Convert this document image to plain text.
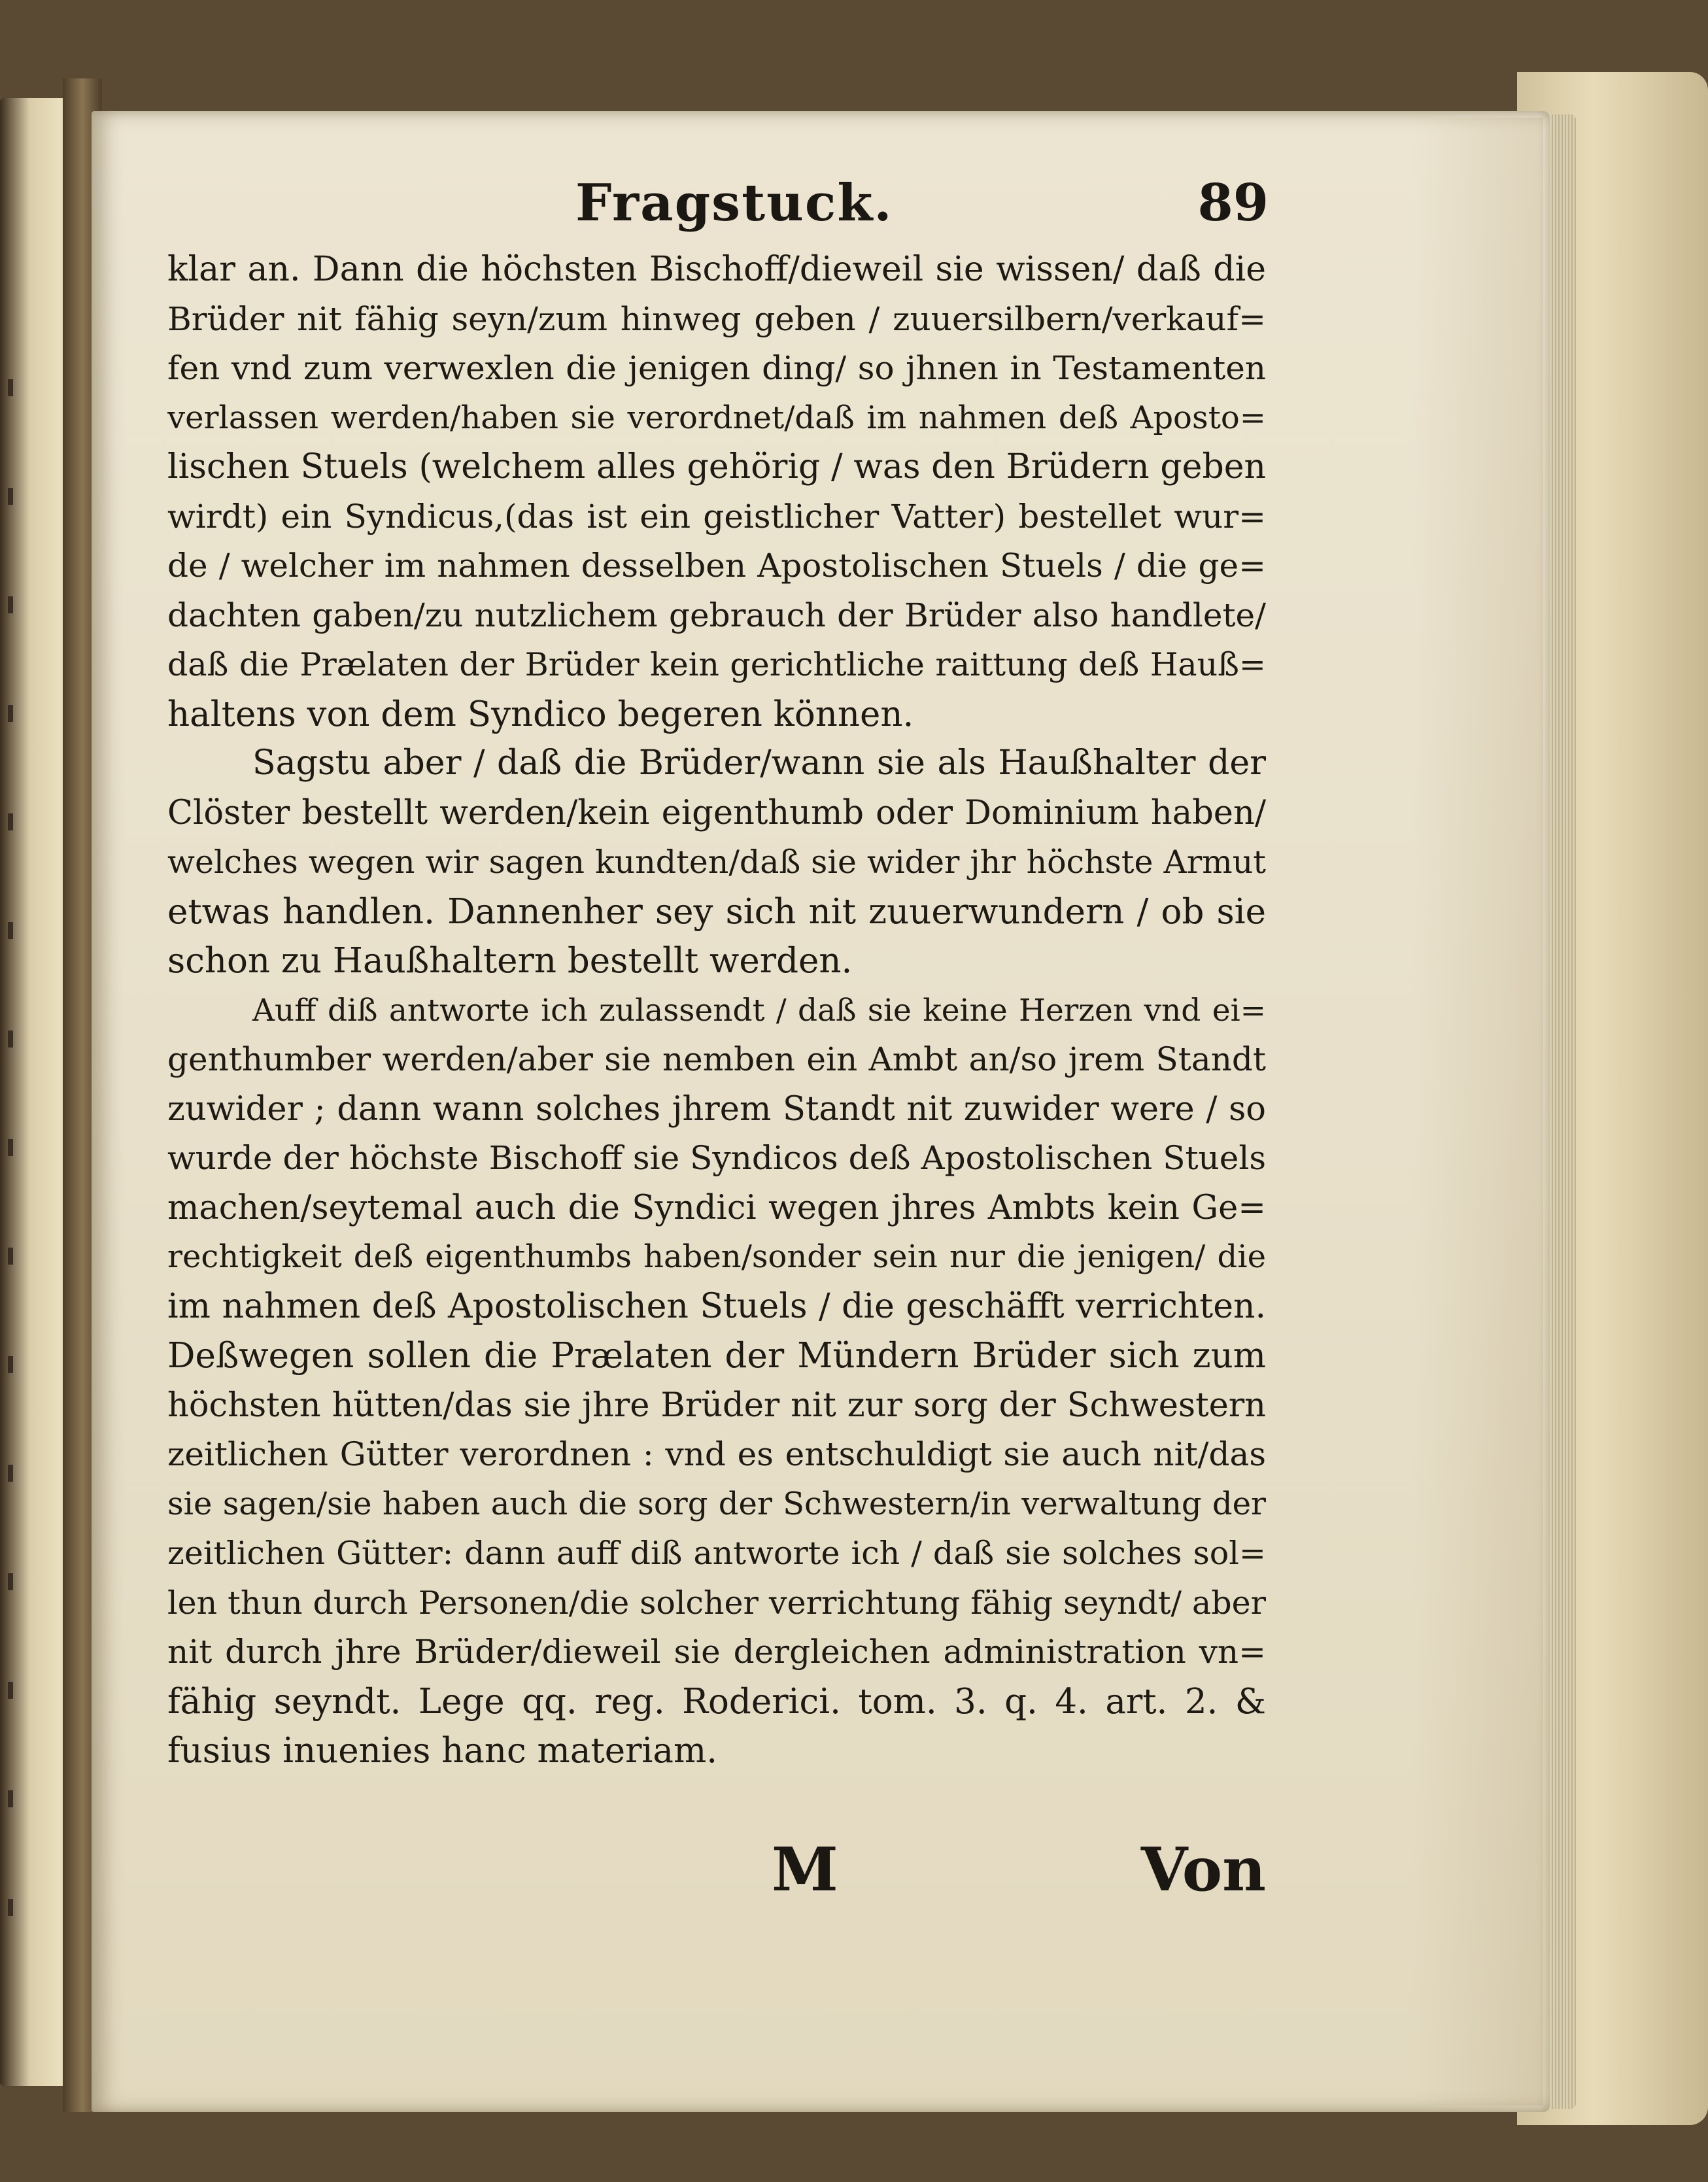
Fragstuck.	89
klar an. Dann die höchsten Bischoff/dieweil sie wissen/ daß die
Brüder nit fähig seyn/zum hinweg geben / zuuersilbern/verkauf=
fen vnd zum verwexlen die jenigen ding/ so jhnen in Testamenten
verlassen werden/haben sie verordnet/daß im nahmen deß Aposto=
lischen Stuels (welchem alles gehörig / was den Brüdern geben
wirdt) ein Syndicus,(das ist ein geistlicher Vatter) bestellet wur=
de / welcher im nahmen desselben Apostolischen Stuels / die ge=
dachten gaben/zu nutzlichem gebrauch der Brüder also handlete/
daß die Prælaten der Brüder kein gerichtliche raittung deß Hauß=
haltens von dem Syndico begeren können.
Sagstu aber / daß die Brüder/wann sie als Haußhalter der
Clöster bestellt werden/kein eigenthumb oder Dominium haben/
welches wegen wir sagen kundten/daß sie wider jhr höchste Armut
etwas handlen. Dannenher sey sich nit zuuerwundern / ob sie
schon zu Haußhaltern bestellt werden.
Auff diß antworte ich zulassendt / daß sie keine Herzen vnd ei=
genthumber werden/aber sie nemben ein Ambt an/so jrem Standt
zuwider ; dann wann solches jhrem Standt nit zuwider were / so
wurde der höchste Bischoff sie Syndicos deß Apostolischen Stuels
machen/seytemal auch die Syndici wegen jhres Ambts kein Ge=
rechtigkeit deß eigenthumbs haben/sonder sein nur die jenigen/ die
im nahmen deß Apostolischen Stuels / die geschäfft verrichten.
Deßwegen sollen die Prælaten der Mündern Brüder sich zum
höchsten hütten/das sie jhre Brüder nit zur sorg der Schwestern
zeitlichen Gütter verordnen : vnd es entschuldigt sie auch nit/das
sie sagen/sie haben auch die sorg der Schwestern/in verwaltung der
zeitlichen Gütter: dann auff diß antworte ich / daß sie solches sol=
len thun durch Personen/die solcher verrichtung fähig seyndt/ aber
nit durch jhre Brüder/dieweil sie dergleichen administration vn=
fähig seyndt. Lege qq. reg. Roderici. tom. 3. q. 4. art. 2. &
fusius inuenies hanc materiam.
M	Von
